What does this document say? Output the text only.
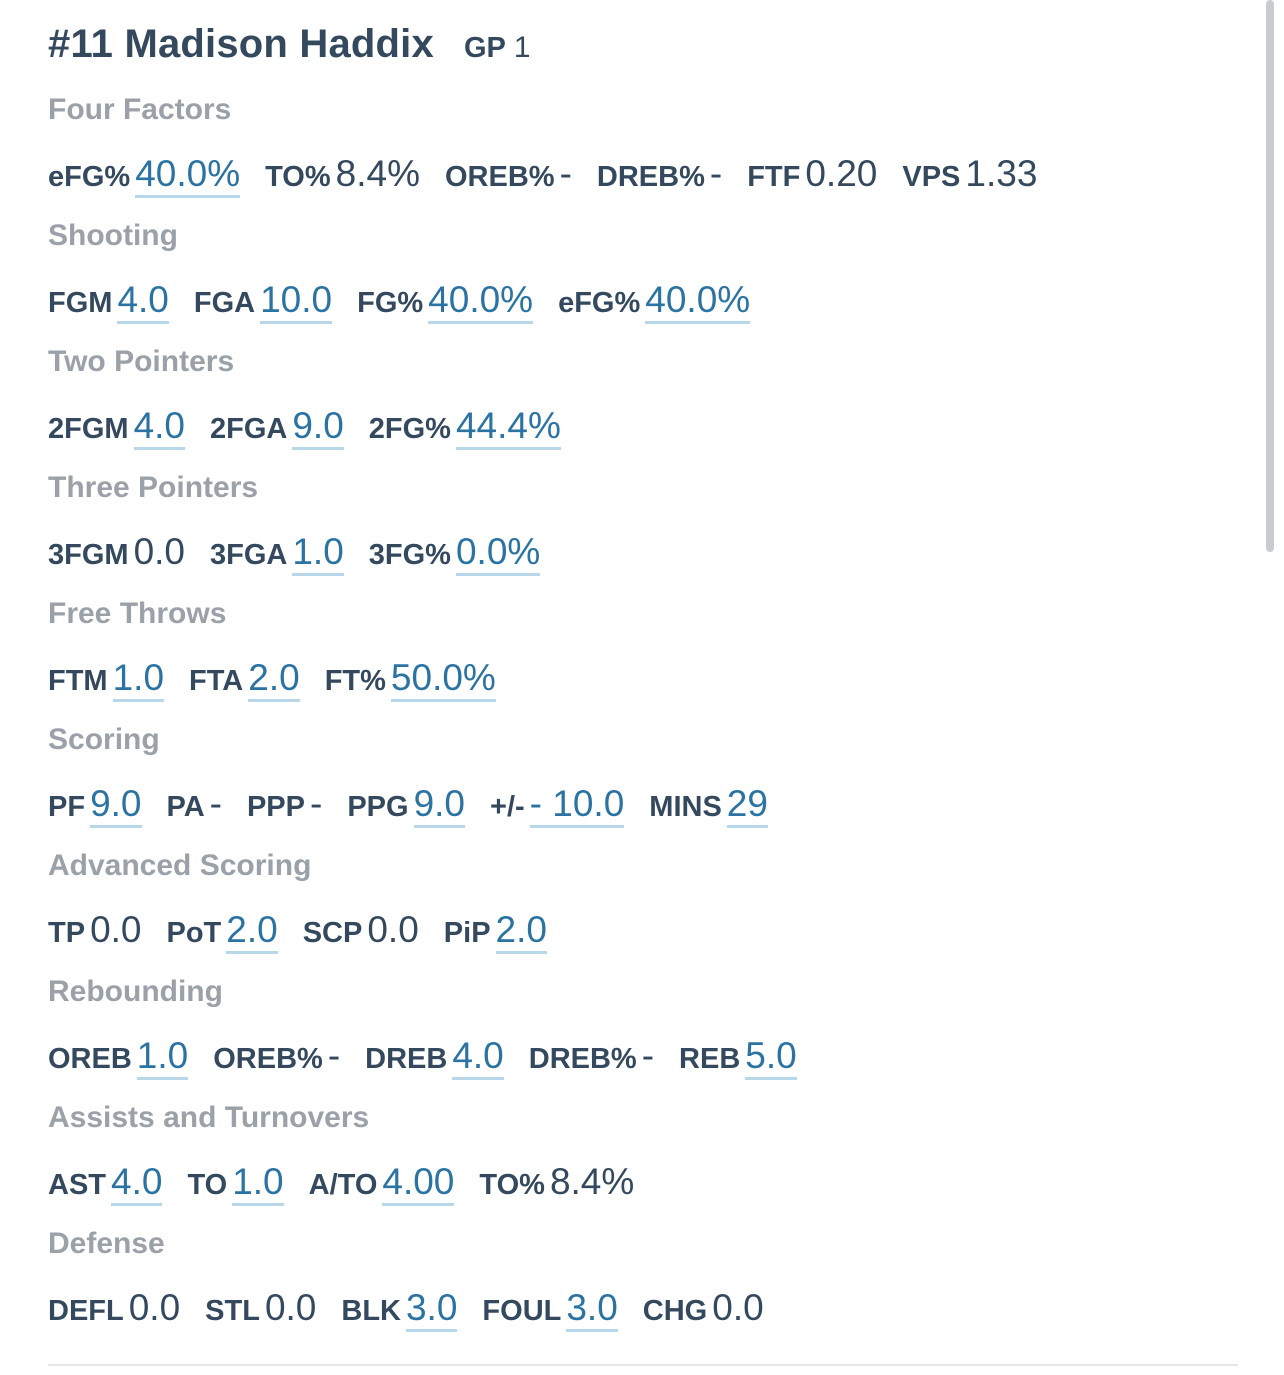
#11 Madison Haddix GP 1
Four Factors
eFG% 40.0% TO% 8.4% OREB% - DREB% - FTF 0.20 VPS 1.33
Shooting
FGM 4.0 FGA 10.0 FG% 40.0% eFG% 40.0%
Two Pointers
2FGM 4.0 2FGA 9.0 2FG% 44.4%
Three Pointers
3FGM 0.0 3FGA 1.0 3FG% 0.0%
Free Throws
FTM 1.0 FTA 2.0 FT% 50.0%
Scoring
PF 9.0 PA - PPP - PPG 9.0 +/- - 10.0 MINS 29
Advanced Scoring
TP 0.0 PoT 2.0 SCP 0.0 PiP 2.0
Rebounding
OREB 1.0 OREB% - DREB 4.0 DREB% - REB 5.0
Assists and Turnovers
AST 4.0 TO 1.0 A/TO 4.00 TO% 8.4%
Defense
DEFL 0.0 STL 0.0 BLK 3.0 FOUL 3.0 CHG 0.0
